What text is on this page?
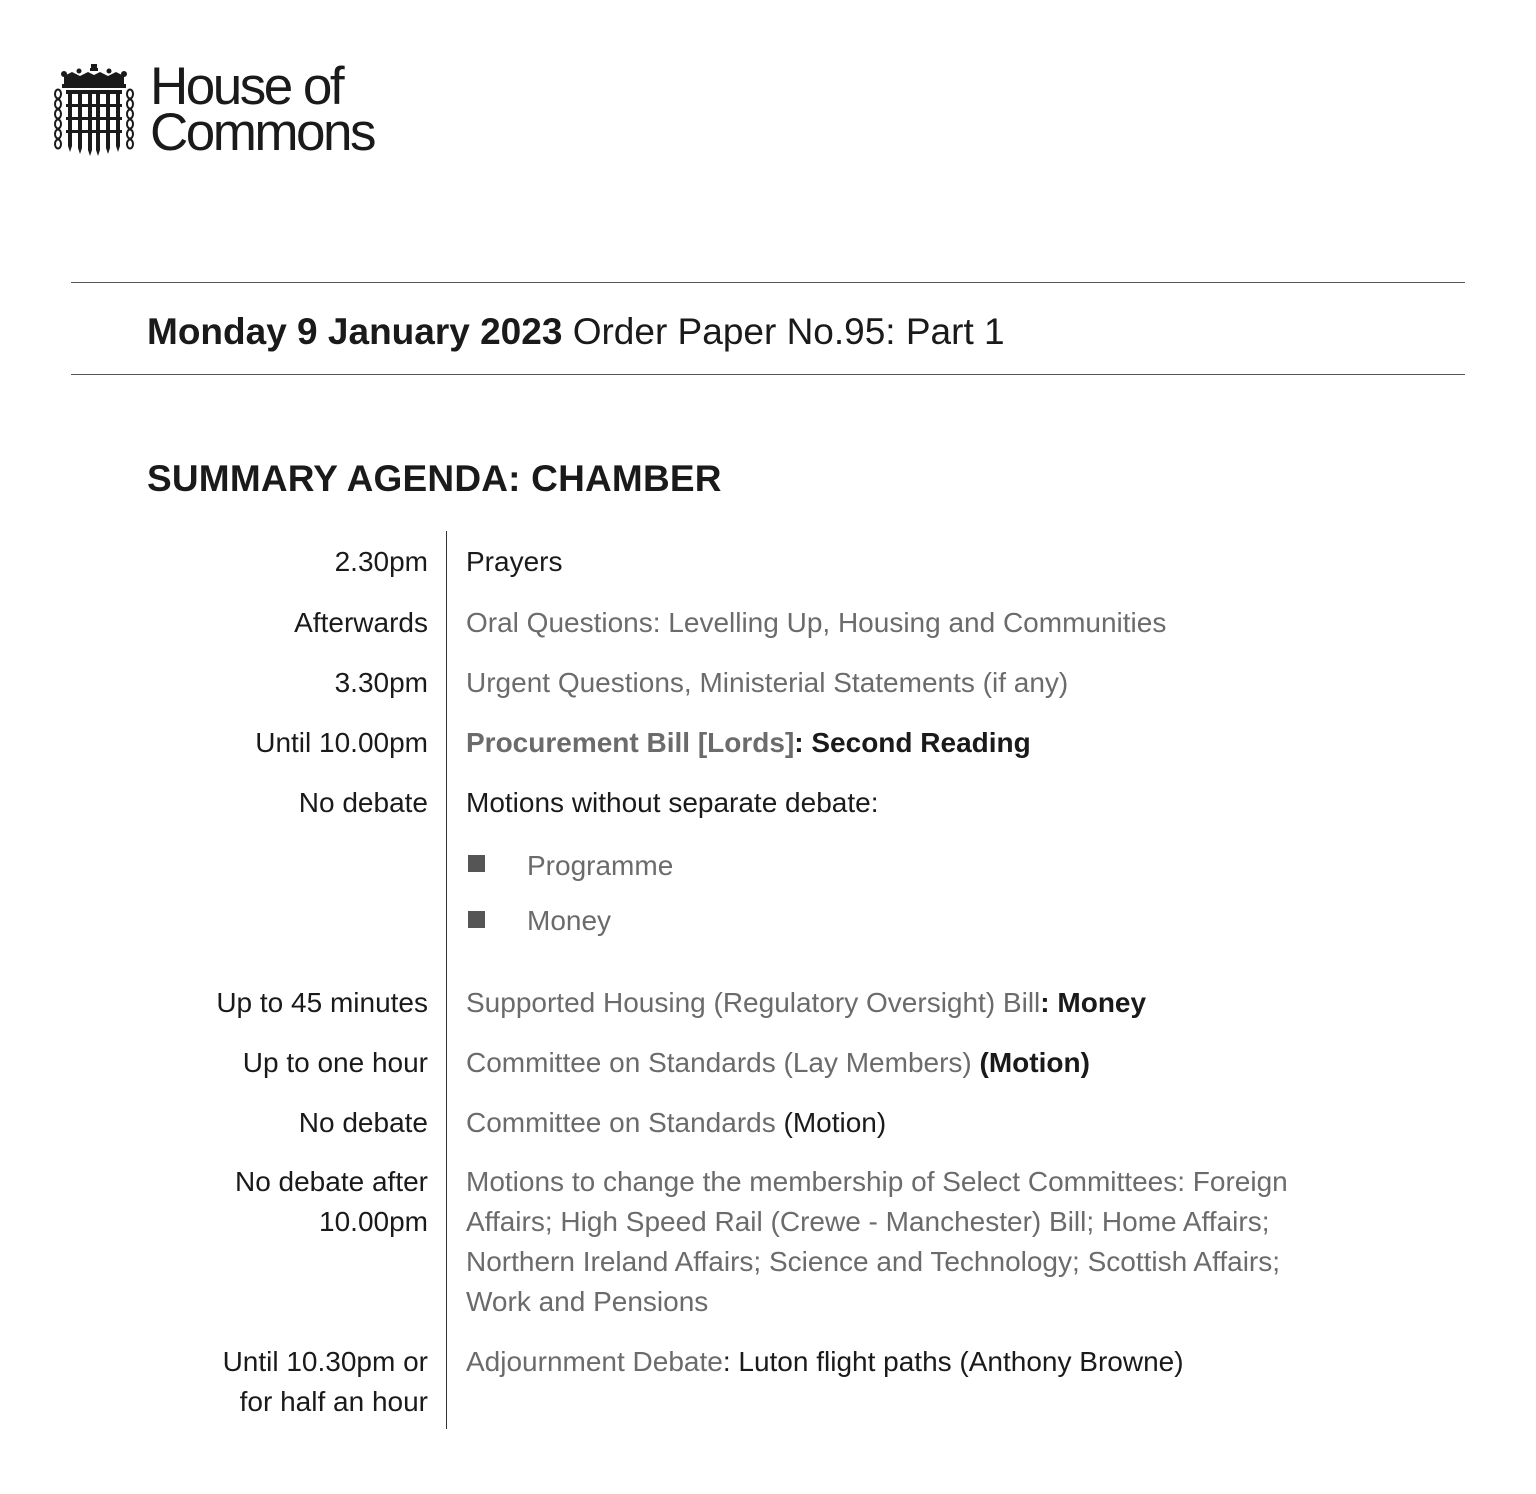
House of
Commons
Monday 9 January 2023 Order Paper No.95: Part 1
SUMMARY AGENDA: CHAMBER
2.30pm Prayers
Afterwards Oral Questions: Levelling Up, Housing and Communities
3.30pm Urgent Questions, Ministerial Statements (if any)
Until 10.00pm Procurement Bill [Lords]: Second Reading
No debate Motions without separate debate:
Programme
Money
Up to 45 minutes Supported Housing (Regulatory Oversight) Bill: Money
Up to one hour Committee on Standards (Lay Members) (Motion)
No debate Committee on Standards (Motion)
No debate after
10.00pm
Motions to change the membership of Select Committees: Foreign
Affairs; High Speed Rail (Crewe - Manchester) Bill; Home Affairs;
Northern Ireland Affairs; Science and Technology; Scottish Affairs;
Work and Pensions
Until 10.30pm or
for half an hour
Adjournment Debate: Luton flight paths (Anthony Browne)
